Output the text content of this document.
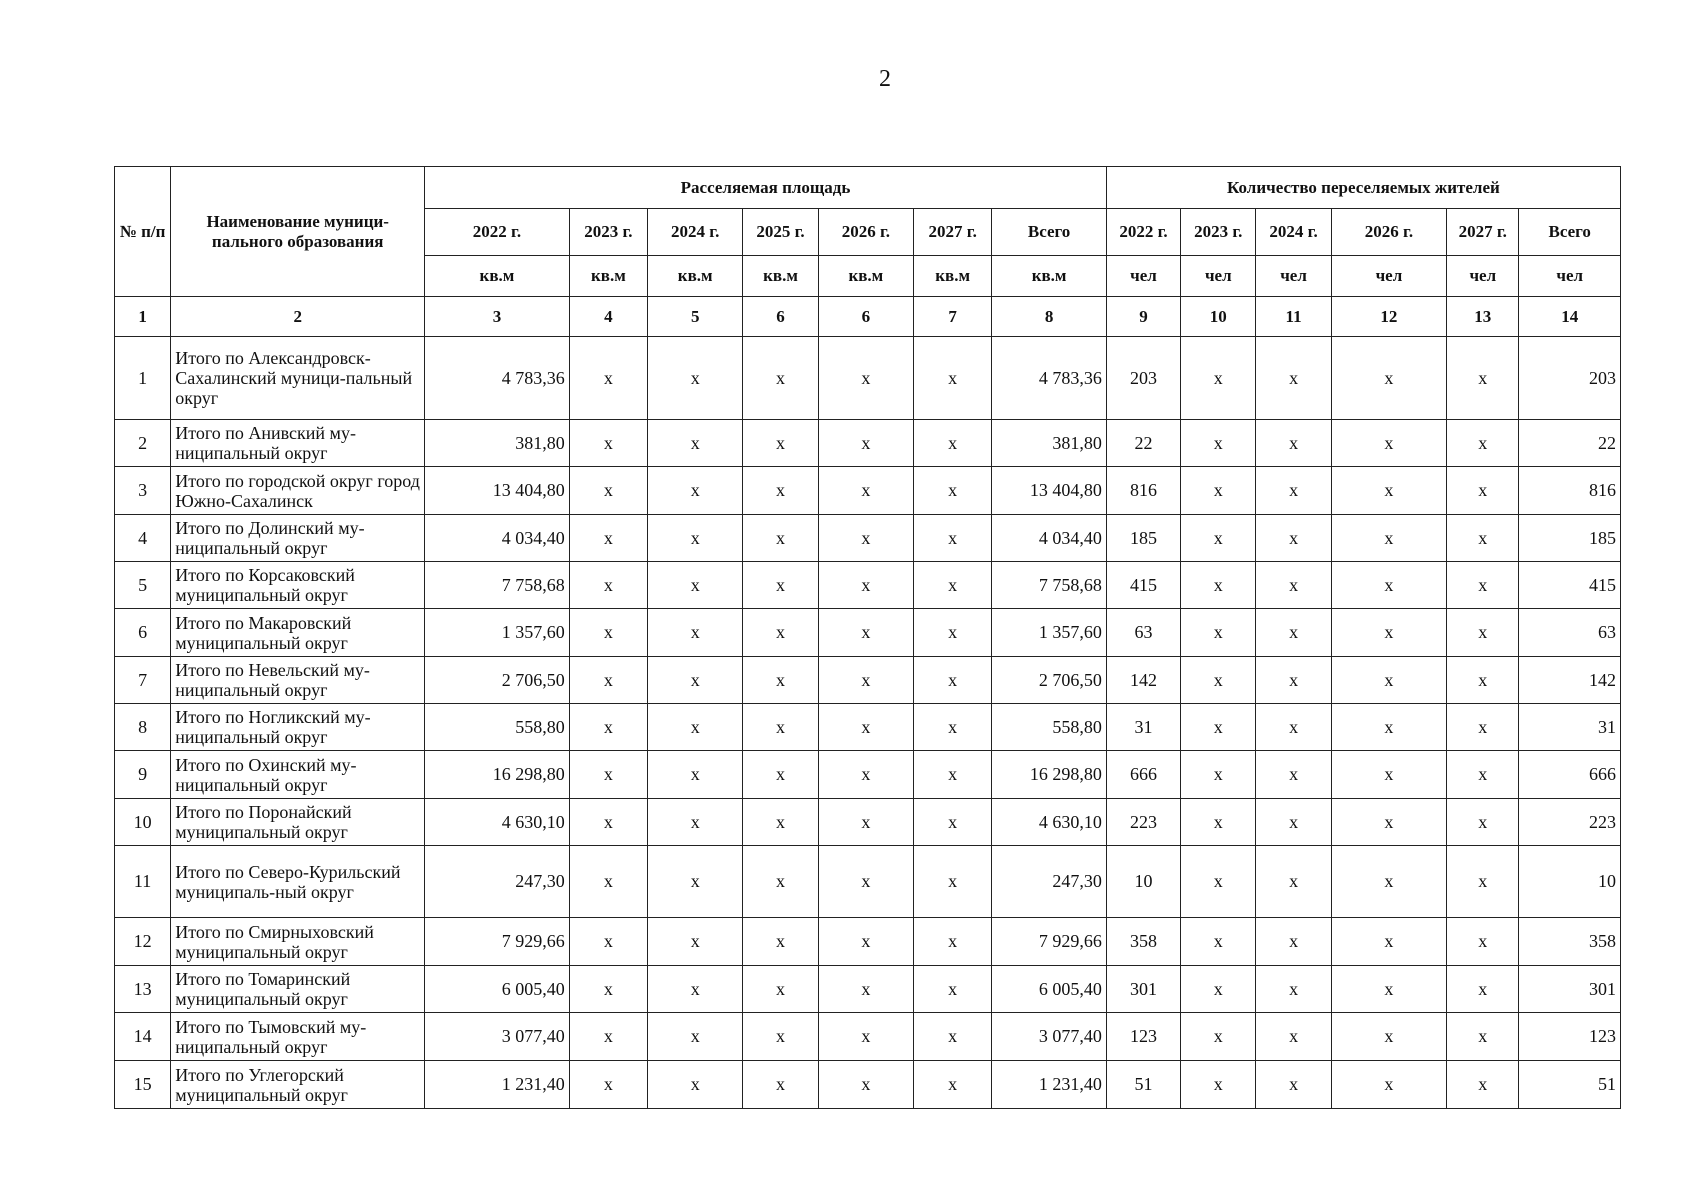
2
№ п/п	Наименование муници-пального образования	Расселяемая площадь							Количество переселяемых жителей					
		2022 г.	2023 г.	2024 г.	2025 г.	2026 г.	2027 г.	Всего	2022 г.	2023 г.	2024 г.	2026 г.	2027 г.	Всего
		кв.м	кв.м	кв.м	кв.м	кв.м	кв.м	кв.м	чел	чел	чел	чел	чел	чел
1	2	3	4	5	6	6	7	8	9	10	11	12	13	14
1	Итого по Александровск-Сахалинский муници-пальный округ	4 783,36	х	х	х	х	х	4 783,36	203	х	х	х	х	203
2	Итого по Анивский му-ниципальный округ	381,80	х	х	х	х	х	381,80	22	х	х	х	х	22
3	Итого по городской округ город Южно-Сахалинск	13 404,80	х	х	х	х	х	13 404,80	816	х	х	х	х	816
4	Итого по Долинский му-ниципальный округ	4 034,40	х	х	х	х	х	4 034,40	185	х	х	х	х	185
5	Итого по Корсаковский муниципальный округ	7 758,68	х	х	х	х	х	7 758,68	415	х	х	х	х	415
6	Итого по Макаровский муниципальный округ	1 357,60	х	х	х	х	х	1 357,60	63	х	х	х	х	63
7	Итого по Невельский му-ниципальный округ	2 706,50	х	х	х	х	х	2 706,50	142	х	х	х	х	142
8	Итого по Ногликский му-ниципальный округ	558,80	х	х	х	х	х	558,80	31	х	х	х	х	31
9	Итого по Охинский му-ниципальный округ	16 298,80	х	х	х	х	х	16 298,80	666	х	х	х	х	666
10	Итого по Поронайский муниципальный округ	4 630,10	х	х	х	х	х	4 630,10	223	х	х	х	х	223
11	Итого по Северо-Курильский муниципаль-ный округ	247,30	х	х	х	х	х	247,30	10	х	х	х	х	10
12	Итого по Смирныховский муниципальный округ	7 929,66	х	х	х	х	х	7 929,66	358	х	х	х	х	358
13	Итого по Томаринский муниципальный округ	6 005,40	х	х	х	х	х	6 005,40	301	х	х	х	х	301
14	Итого по Тымовский му-ниципальный округ	3 077,40	х	х	х	х	х	3 077,40	123	х	х	х	х	123
15	Итого по Углегорский муниципальный округ	1 231,40	х	х	х	х	х	1 231,40	51	х	х	х	х	51
